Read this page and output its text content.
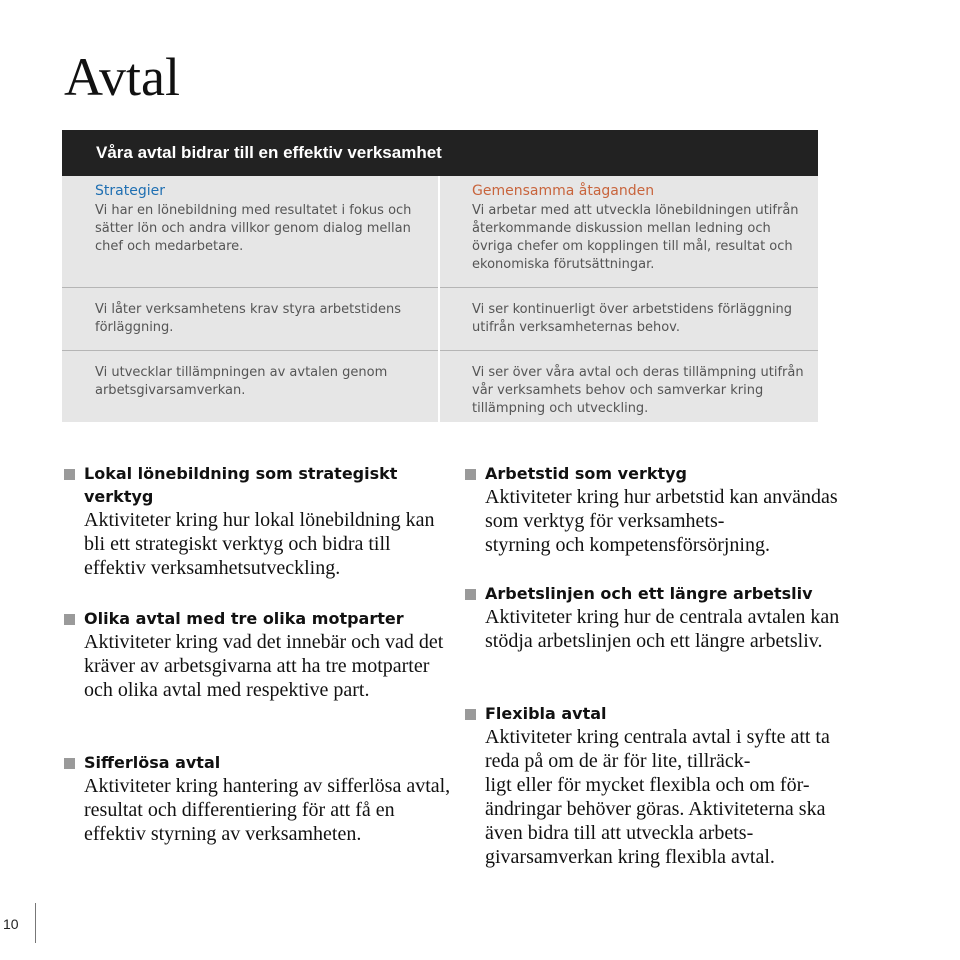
Avtal
Våra avtal bidrar till en effektiv verksamhet
Strategier

Vi har en lönebildning med resultatet i fokus och sätter lön och andra villkor genom dialog mellan chef och medarbetare.

Vi låter verksamhetens krav styra arbetstidens förläggning.

Vi utvecklar tillämpningen av avtalen genom arbetsgivarsamverkan.

Gemensamma åtaganden

Vi arbetar med att utveckla lönebildningen utifrån återkommande diskussion mellan ledning och övriga chefer om kopplingen till mål, resultat och ekonomiska förutsättningar.

Vi ser kontinuerligt över arbetstidens förläggning utifrån verksamheternas behov.

Vi ser över våra avtal och deras tillämpning utifrån vår verksamhets behov och samverkar kring tillämpning och utveckling.

Lokal lönebildning som strategiskt verktyg
Aktiviteter kring hur lokal lönebildning kan bli ett strategiskt verktyg och bidra till effektiv verksamhetsutveckling.
Olika avtal med tre olika motparter
Aktiviteter kring vad det innebär och vad det kräver av arbetsgivarna att ha tre motparter och olika avtal med respektive part.
Sifferlösa avtal
Aktiviteter kring hantering av sifferlösa avtal, resultat och differentiering för att få en effektiv styrning av verksamheten.
Arbetstid som verktyg
Aktiviteter kring hur arbetstid kan användas som verktyg för verksamhets-
styrning och kompetensförsörjning.
Arbetslinjen och ett längre arbetsliv
Aktiviteter kring hur de centrala avtalen kan stödja arbetslinjen och ett längre arbetsliv.
Flexibla avtal
Aktiviteter kring centrala avtal i syfte att ta reda på om de är för lite, tillräck-
ligt eller för mycket flexibla och om för-
ändringar behöver göras. Aktiviteterna ska även bidra till att utveckla arbets-
givarsamverkan kring flexibla avtal.
10
